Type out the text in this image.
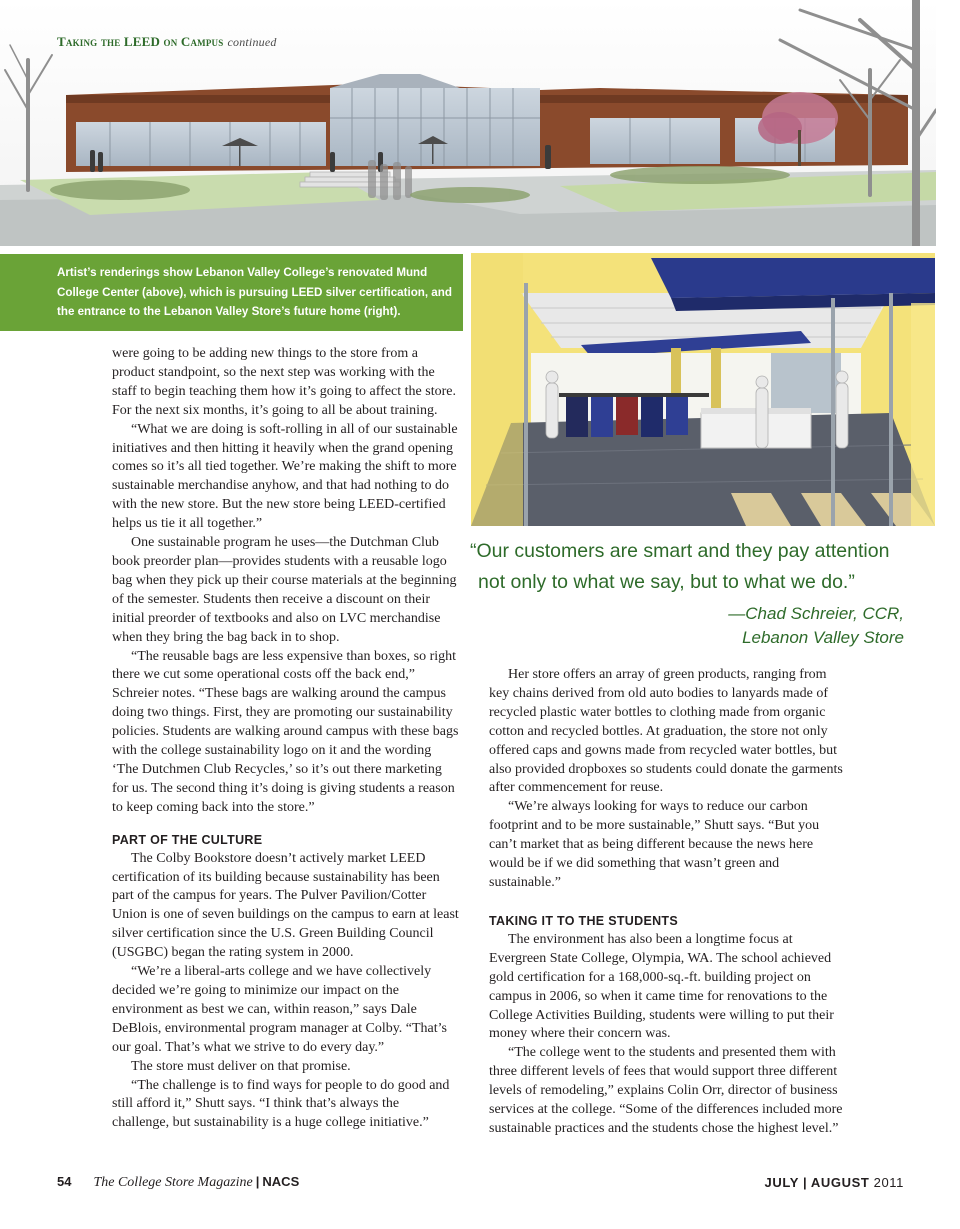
Taking the LEED on Campus continued
Artist’s renderings show Lebanon Valley College’s renovated Mund College Center (above), which is pursuing LEED silver certification, and the entrance to the Lebanon Valley Store’s future home (right).
“Our customers are smart and they pay attention
not only to what we say, but to what we do.”
—Chad Schreier, CCR,
Lebanon Valley Store

were going to be adding new things to the store from a product standpoint, so the next step was working with the staff to begin teaching them how it’s going to affect the store. For the next six months, it’s going to all be about training.

“What we are doing is soft-rolling in all of our sustainable initiatives and then hitting it heavily when the grand opening comes so it’s all tied together. We’re making the shift to more sustainable merchandise anyhow, and that had nothing to do with the new store. But the new store being LEED-certified helps us tie it all together.”

One sustainable program he uses—the Dutchman Club book preorder plan—provides students with a reusable logo bag when they pick up their course materials at the beginning of the semester. Students then receive a discount on their initial preorder of textbooks and also on LVC merchandise when they bring the bag back in to shop.

“The reusable bags are less expensive than boxes, so right there we cut some operational costs off the back end,” Schreier notes. “These bags are walking around the campus doing two things. First, they are promoting our sustainability policies. Students are walking around campus with these bags with the college sustainability logo on it and the wording ‘The Dutchmen Club Recycles,’ so it’s out there marketing for us. The second thing it’s doing is giving students a reason to keep coming back into the store.”

PART OF THE CULTURE

The Colby Bookstore doesn’t actively market LEED certification of its building because sustainability has been part of the campus for years. The Pulver Pavilion/Cotter Union is one of seven buildings on the campus to earn at least silver certification since the U.S. Green Building Council (USGBC) began the rating system in 2000.

“We’re a liberal-arts college and we have collectively decided we’re going to minimize our impact on the environment as best we can, within reason,” says Dale DeBlois, environmental program manager at Colby. “That’s our goal. That’s what we strive to do every day.”

The store must deliver on that promise.

“The challenge is to find ways for people to do good and still afford it,” Shutt says. “I think that’s always the challenge, but sustainability is a huge college initiative.”

Her store offers an array of green products, ranging from key chains derived from old auto bodies to lanyards made of recycled plastic water bottles to clothing made from organic cotton and recycled bottles. At graduation, the store not only offered caps and gowns made from recycled water bottles, but also provided dropboxes so students could donate the garments after commencement for reuse.

“We’re always looking for ways to reduce our carbon footprint and to be more sustainable,” Shutt says. “But you can’t market that as being different because the news here would be if we did something that wasn’t green and sustainable.”

TAKING IT TO THE STUDENTS

The environment has also been a longtime focus at Evergreen State College, Olympia, WA. The school achieved gold certification for a 168,000-sq.-ft. building project on campus in 2006, so when it came time for renovations to the College Activities Building, students were willing to put their money where their concern was.

“The college went to the students and presented them with three different levels of fees that would support three different levels of remodeling,” explains Colin Orr, director of business services at the college. “Some of the differences included more sustainable practices and the students chose the highest level.”

54 The College Store Magazine | NACS	JULY | AUGUST 2011
